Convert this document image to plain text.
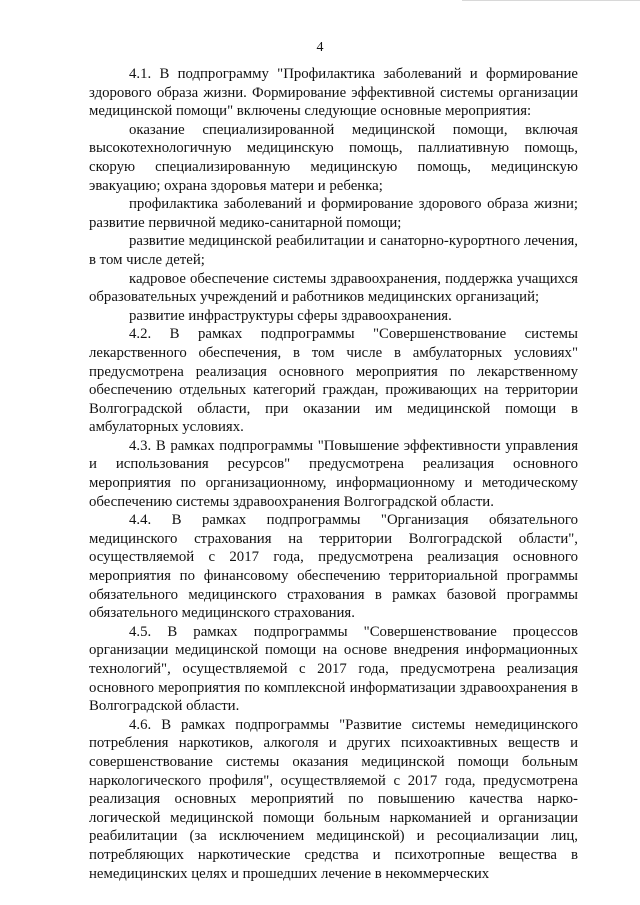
4

4.1. В подпрограмму "Профилактика заболеваний и формирование здорового образа жизни. Формирование эффективной системы организации медицинской помощи" включены следующие основные мероприятия:

оказание специализированной медицинской помощи, включая высокотехнологичную медицинскую помощь, паллиативную помощь, скорую специализированную медицинскую помощь, медицинскую эвакуацию; охрана здоровья матери и ребенка;

профилактика заболеваний и формирование здорового образа жизни; развитие первичной медико-санитарной помощи;

развитие медицинской реабилитации и санаторно-курортного лечения, в том числе детей;

кадровое обеспечение системы здравоохранения, поддержка учащихся образовательных учреждений и работников медицинских организаций;

развитие инфраструктуры сферы здравоохранения.

4.2. В рамках подпрограммы "Совершенствование системы лекарственного обеспечения, в том числе в амбулаторных условиях" предусмотрена реализация основного мероприятия по лекарственному обеспечению отдельных категорий граждан, проживающих на территории Волгоградской области, при оказании им медицинской помощи в амбулаторных условиях.

4.3. В рамках подпрограммы "Повышение эффективности управления и использования ресурсов" предусмотрена реализация основного мероприятия по организационному, информационному и методическому обеспечению системы здравоохранения Волгоградской области.

4.4. В рамках подпрограммы "Организация обязательного медицинского страхования на территории Волгоградской области", осуществляемой с 2017 года, предусмотрена реализация основного мероприятия по финансовому обеспечению территориальной программы обязательного медицинского страхования в рамках базовой программы обязательного медицинского страхования.

4.5. В рамках подпрограммы "Совершенствование процессов организации медицинской помощи на основе внедрения информационных технологий", осуществляемой с 2017 года, предусмотрена реализация основного мероприятия по комплексной информатизации здравоохранения в Волгоградской области.

4.6. В рамках подпрограммы "Развитие системы немедицинского потребления наркотиков, алкоголя и других психоактивных веществ и совершенствование системы оказания медицинской помощи больным наркологического профиля", осуществляемой с 2017 года, предусмотрена реализация основных мероприятий по повышению качества нарко-логической медицинской помощи больным наркоманией и организации реабилитации (за исключением медицинской) и ресоциализации лиц, потребляющих наркотические средства и психотропные вещества в немедицинских целях и прошедших лечение в некоммерческих
